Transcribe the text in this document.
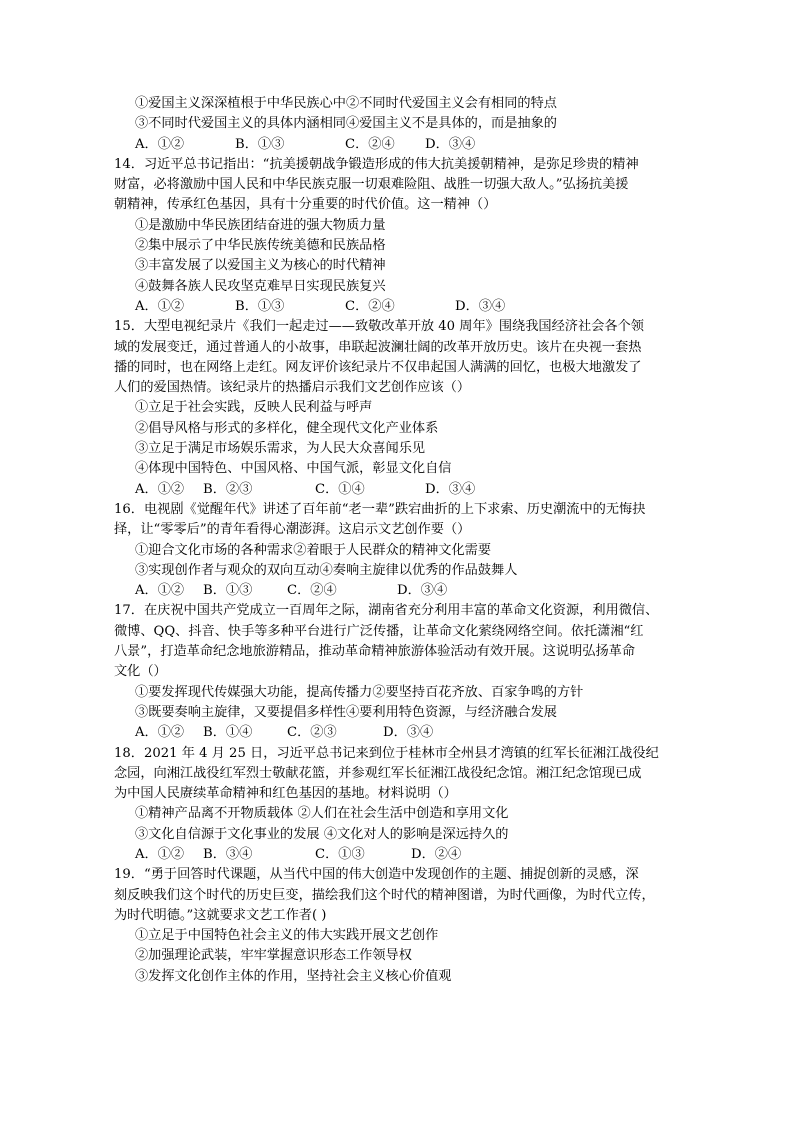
①爱国主义深深植根于中华民族心中②不同时代爱国主义会有相同的特点
③不同时代爱国主义的具体内涵相同④爱国主义不是具体的，而是抽象的
A．①②	B．①③	C．②④ D．③④
14．习近平总书记指出：“抗美援朝战争锻造形成的伟大抗美援朝精神，是弥足珍贵的精神
财富，必将激励中国人民和中华民族克服一切艰难险阻、战胜一切强大敌人。”弘扬抗美援
朝精神，传承红色基因，具有十分重要的时代价值。这一精神（）
①是激励中华民族团结奋进的强大物质力量
②集中展示了中华民族传统美德和民族品格
③丰富发展了以爱国主义为核心的时代精神
④鼓舞各族人民攻坚克难早日实现民族复兴
A．①②	B．①③	C．②④	D．③④
15．大型电视纪录片《我们一起走过——致敬改革开放 40 周年》围绕我国经济社会各个领
域的发展变迁，通过普通人的小故事，串联起波澜壮阔的改革开放历史。该片在央视一套热
播的同时，也在网络上走红。网友评价该纪录片不仅串起国人满满的回忆，也极大地激发了
人们的爱国热情。该纪录片的热播启示我们文艺创作应该（）
①立足于社会实践，反映人民利益与呼声
②倡导风格与形式的多样化，健全现代文化产业体系
③立足于满足市场娱乐需求，为人民大众喜闻乐见
④体现中国特色、中国风格、中国气派，彰显文化自信
A．①② B．②③	C．①④	D．③④
16．电视剧《觉醒年代》讲述了百年前“老一辈”跌宕曲折的上下求索、历史潮流中的无悔抉
择，让“零零后”的青年看得心潮澎湃。这启示文艺创作要（）
①迎合文化市场的各种需求②着眼于人民群众的精神文化需要
③实现创作者与观众的双向互动④奏响主旋律以优秀的作品鼓舞人
A．①② B．①③	C．②④	D．③④
17．在庆祝中国共产党成立一百周年之际，湖南省充分利用丰富的革命文化资源，利用微信、
微博、QQ、抖音、快手等多种平台进行广泛传播，让革命文化萦绕网络空间。依托潇湘“红
八景”，打造革命纪念地旅游精品，推动革命精神旅游体验活动有效开展。这说明弘扬革命
文化（）
①要发挥现代传媒强大功能，提高传播力②要坚持百花齐放、百家争鸣的方针
③既要奏响主旋律，又要提倡多样性④要利用特色资源，与经济融合发展
A．①② B．①④	C．②③	D．③④
18．2021 年 4 月 25 日，习近平总书记来到位于桂林市全州县才湾镇的红军长征湘江战役纪
念园，向湘江战役红军烈士敬献花篮，并参观红军长征湘江战役纪念馆。湘江纪念馆现已成
为中国人民赓续革命精神和红色基因的基地。材料说明（）
①精神产品离不开物质载体 ②人们在社会生活中创造和享用文化
③文化自信源于文化事业的发展 ④文化对人的影响是深远持久的
A．①② B．③④	C．①③	D．②④
19．“勇于回答时代课题，从当代中国的伟大创造中发现创作的主题、捕捉创新的灵感，深
刻反映我们这个时代的历史巨变，描绘我们这个时代的精神图谱，为时代画像，为时代立传，
为时代明德。”这就要求文艺工作者( )
①立足于中国特色社会主义的伟大实践开展文艺创作
②加强理论武装，牢牢掌握意识形态工作领导权
③发挥文化创作主体的作用，坚持社会主义核心价值观
